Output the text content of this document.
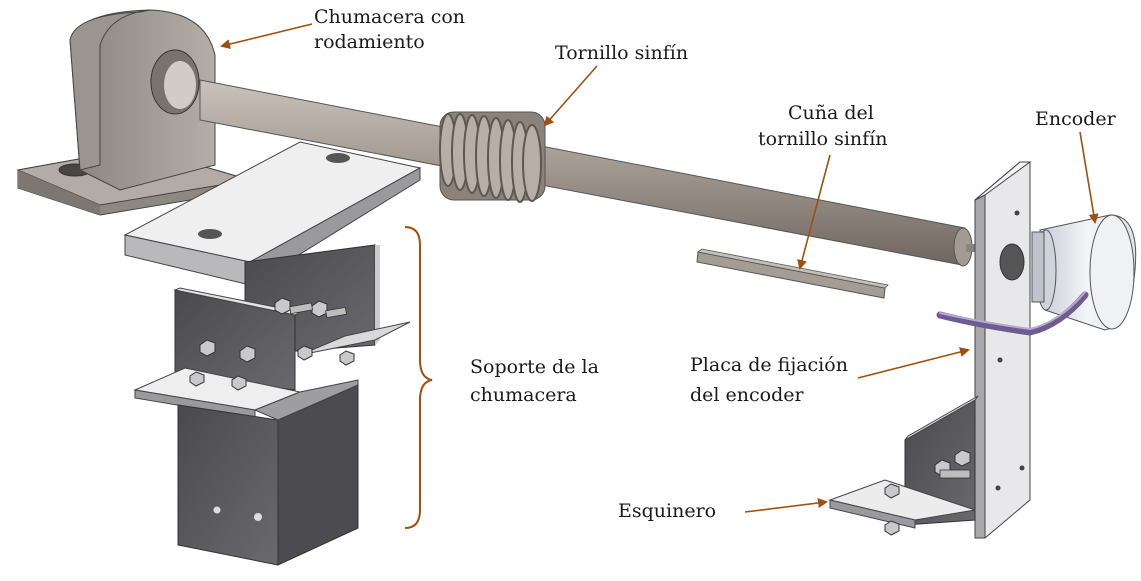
Chumacera con
rodamiento	Tornillo sinfín
Cuña del
tornillo sinfín
Encoder
Soporte de la
chumacera
Placa de fijación
del encoder
Esquinero
